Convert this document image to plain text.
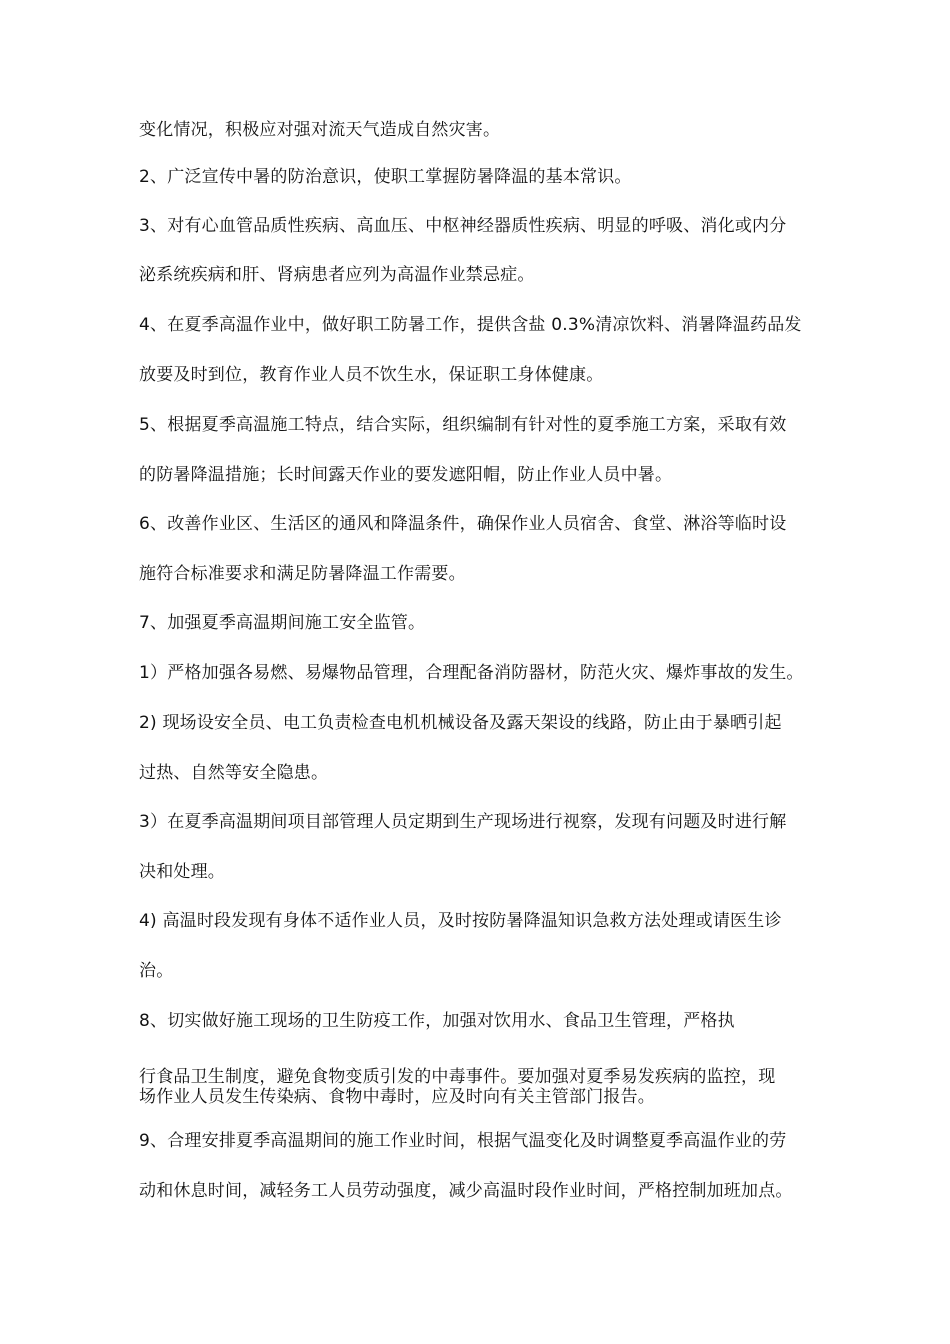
变化情况，积极应对强对流天气造成自然灾害。
2、广泛宣传中暑的防治意识，使职工掌握防暑降温的基本常识。
3、对有心血管品质性疾病、高血压、中枢神经器质性疾病、明显的呼吸、消化或内分
泌系统疾病和肝、肾病患者应列为高温作业禁忌症。
4、在夏季高温作业中，做好职工防暑工作，提供含盐 0.3%清凉饮料、消暑降温药品发
放要及时到位，教育作业人员不饮生水，保证职工身体健康。
5、根据夏季高温施工特点，结合实际，组织编制有针对性的夏季施工方案，采取有效
的防暑降温措施；长时间露天作业的要发遮阳帽，防止作业人员中暑。
6、改善作业区、生活区的通风和降温条件，确保作业人员宿舍、食堂、淋浴等临时设
施符合标准要求和满足防暑降温工作需要。
7、加强夏季高温期间施工安全监管。
1）严格加强各易燃、易爆物品管理，合理配备消防器材，防范火灾、爆炸事故的发生。
2) 现场设安全员、电工负责检查电机机械设备及露天架设的线路，防止由于暴晒引起
过热、自然等安全隐患。
3）在夏季高温期间项目部管理人员定期到生产现场进行视察，发现有问题及时进行解
决和处理。
4) 高温时段发现有身体不适作业人员，及时按防暑降温知识急救方法处理或请医生诊
治。
8、切实做好施工现场的卫生防疫工作，加强对饮用水、食品卫生管理，严格执
行食品卫生制度，避免食物变质引发的中毒事件。要加强对夏季易发疾病的监控，现
场作业人员发生传染病、食物中毒时，应及时向有关主管部门报告。
9、合理安排夏季高温期间的施工作业时间，根据气温变化及时调整夏季高温作业的劳
动和休息时间，减轻务工人员劳动强度，减少高温时段作业时间，严格控制加班加点。
